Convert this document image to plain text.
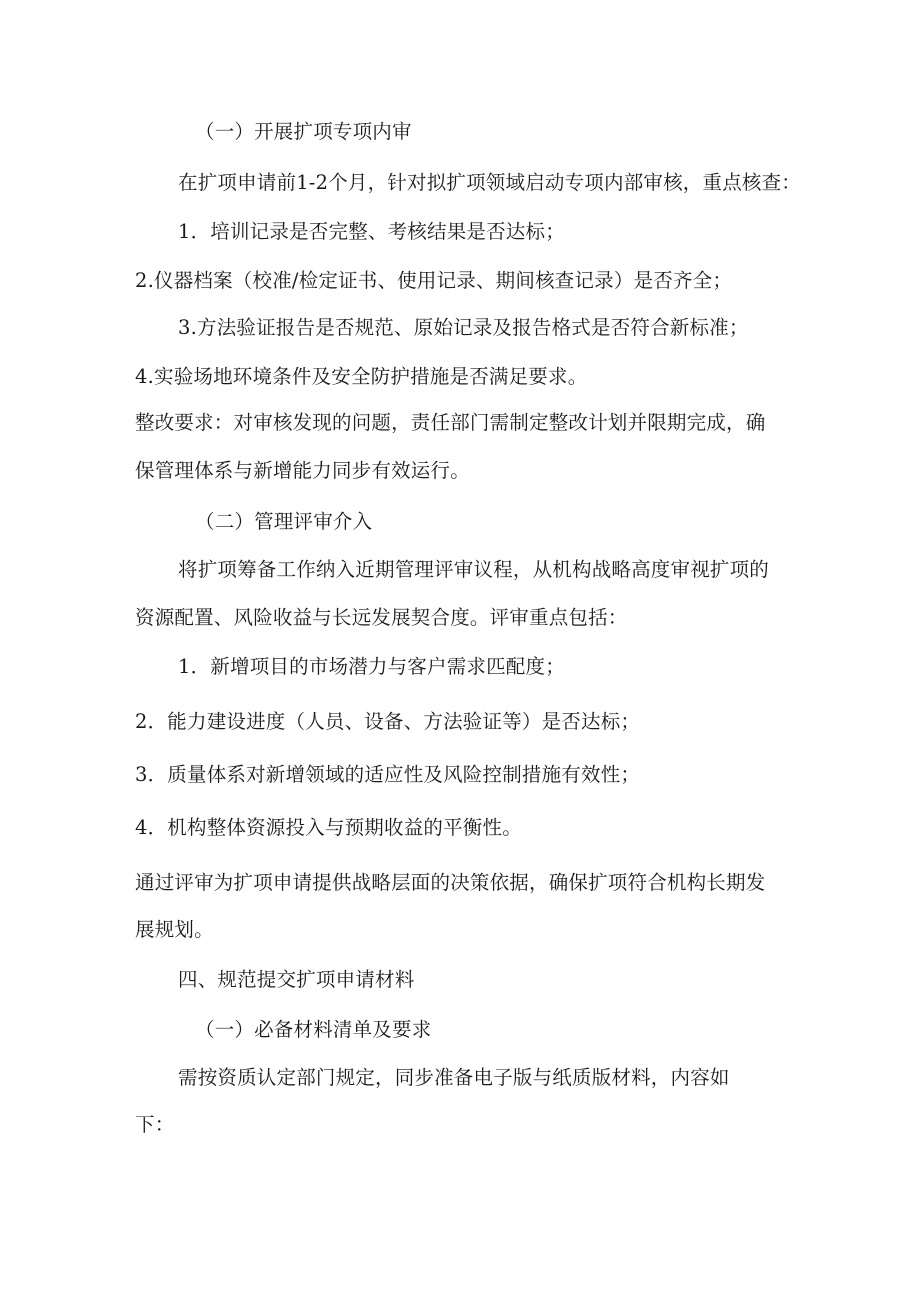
（一）开展扩项专项内审
在扩项申请前1-2个月，针对拟扩项领域启动专项内部审核，重点核查：
1．培训记录是否完整、考核结果是否达标；
2.仪器档案（校准/检定证书、使用记录、期间核查记录）是否齐全；
3.方法验证报告是否规范、原始记录及报告格式是否符合新标准；
4.实验场地环境条件及安全防护措施是否满足要求。
整改要求：对审核发现的问题，责任部门需制定整改计划并限期完成，确
保管理体系与新增能力同步有效运行。
（二）管理评审介入
将扩项筹备工作纳入近期管理评审议程，从机构战略高度审视扩项的
资源配置、风险收益与长远发展契合度。评审重点包括：
1．新增项目的市场潜力与客户需求匹配度；
2．能力建设进度（人员、设备、方法验证等）是否达标；
3．质量体系对新增领域的适应性及风险控制措施有效性；
4．机构整体资源投入与预期收益的平衡性。
通过评审为扩项申请提供战略层面的决策依据，确保扩项符合机构长期发
展规划。
四、规范提交扩项申请材料
（一）必备材料清单及要求
需按资质认定部门规定，同步准备电子版与纸质版材料，内容如
下：
